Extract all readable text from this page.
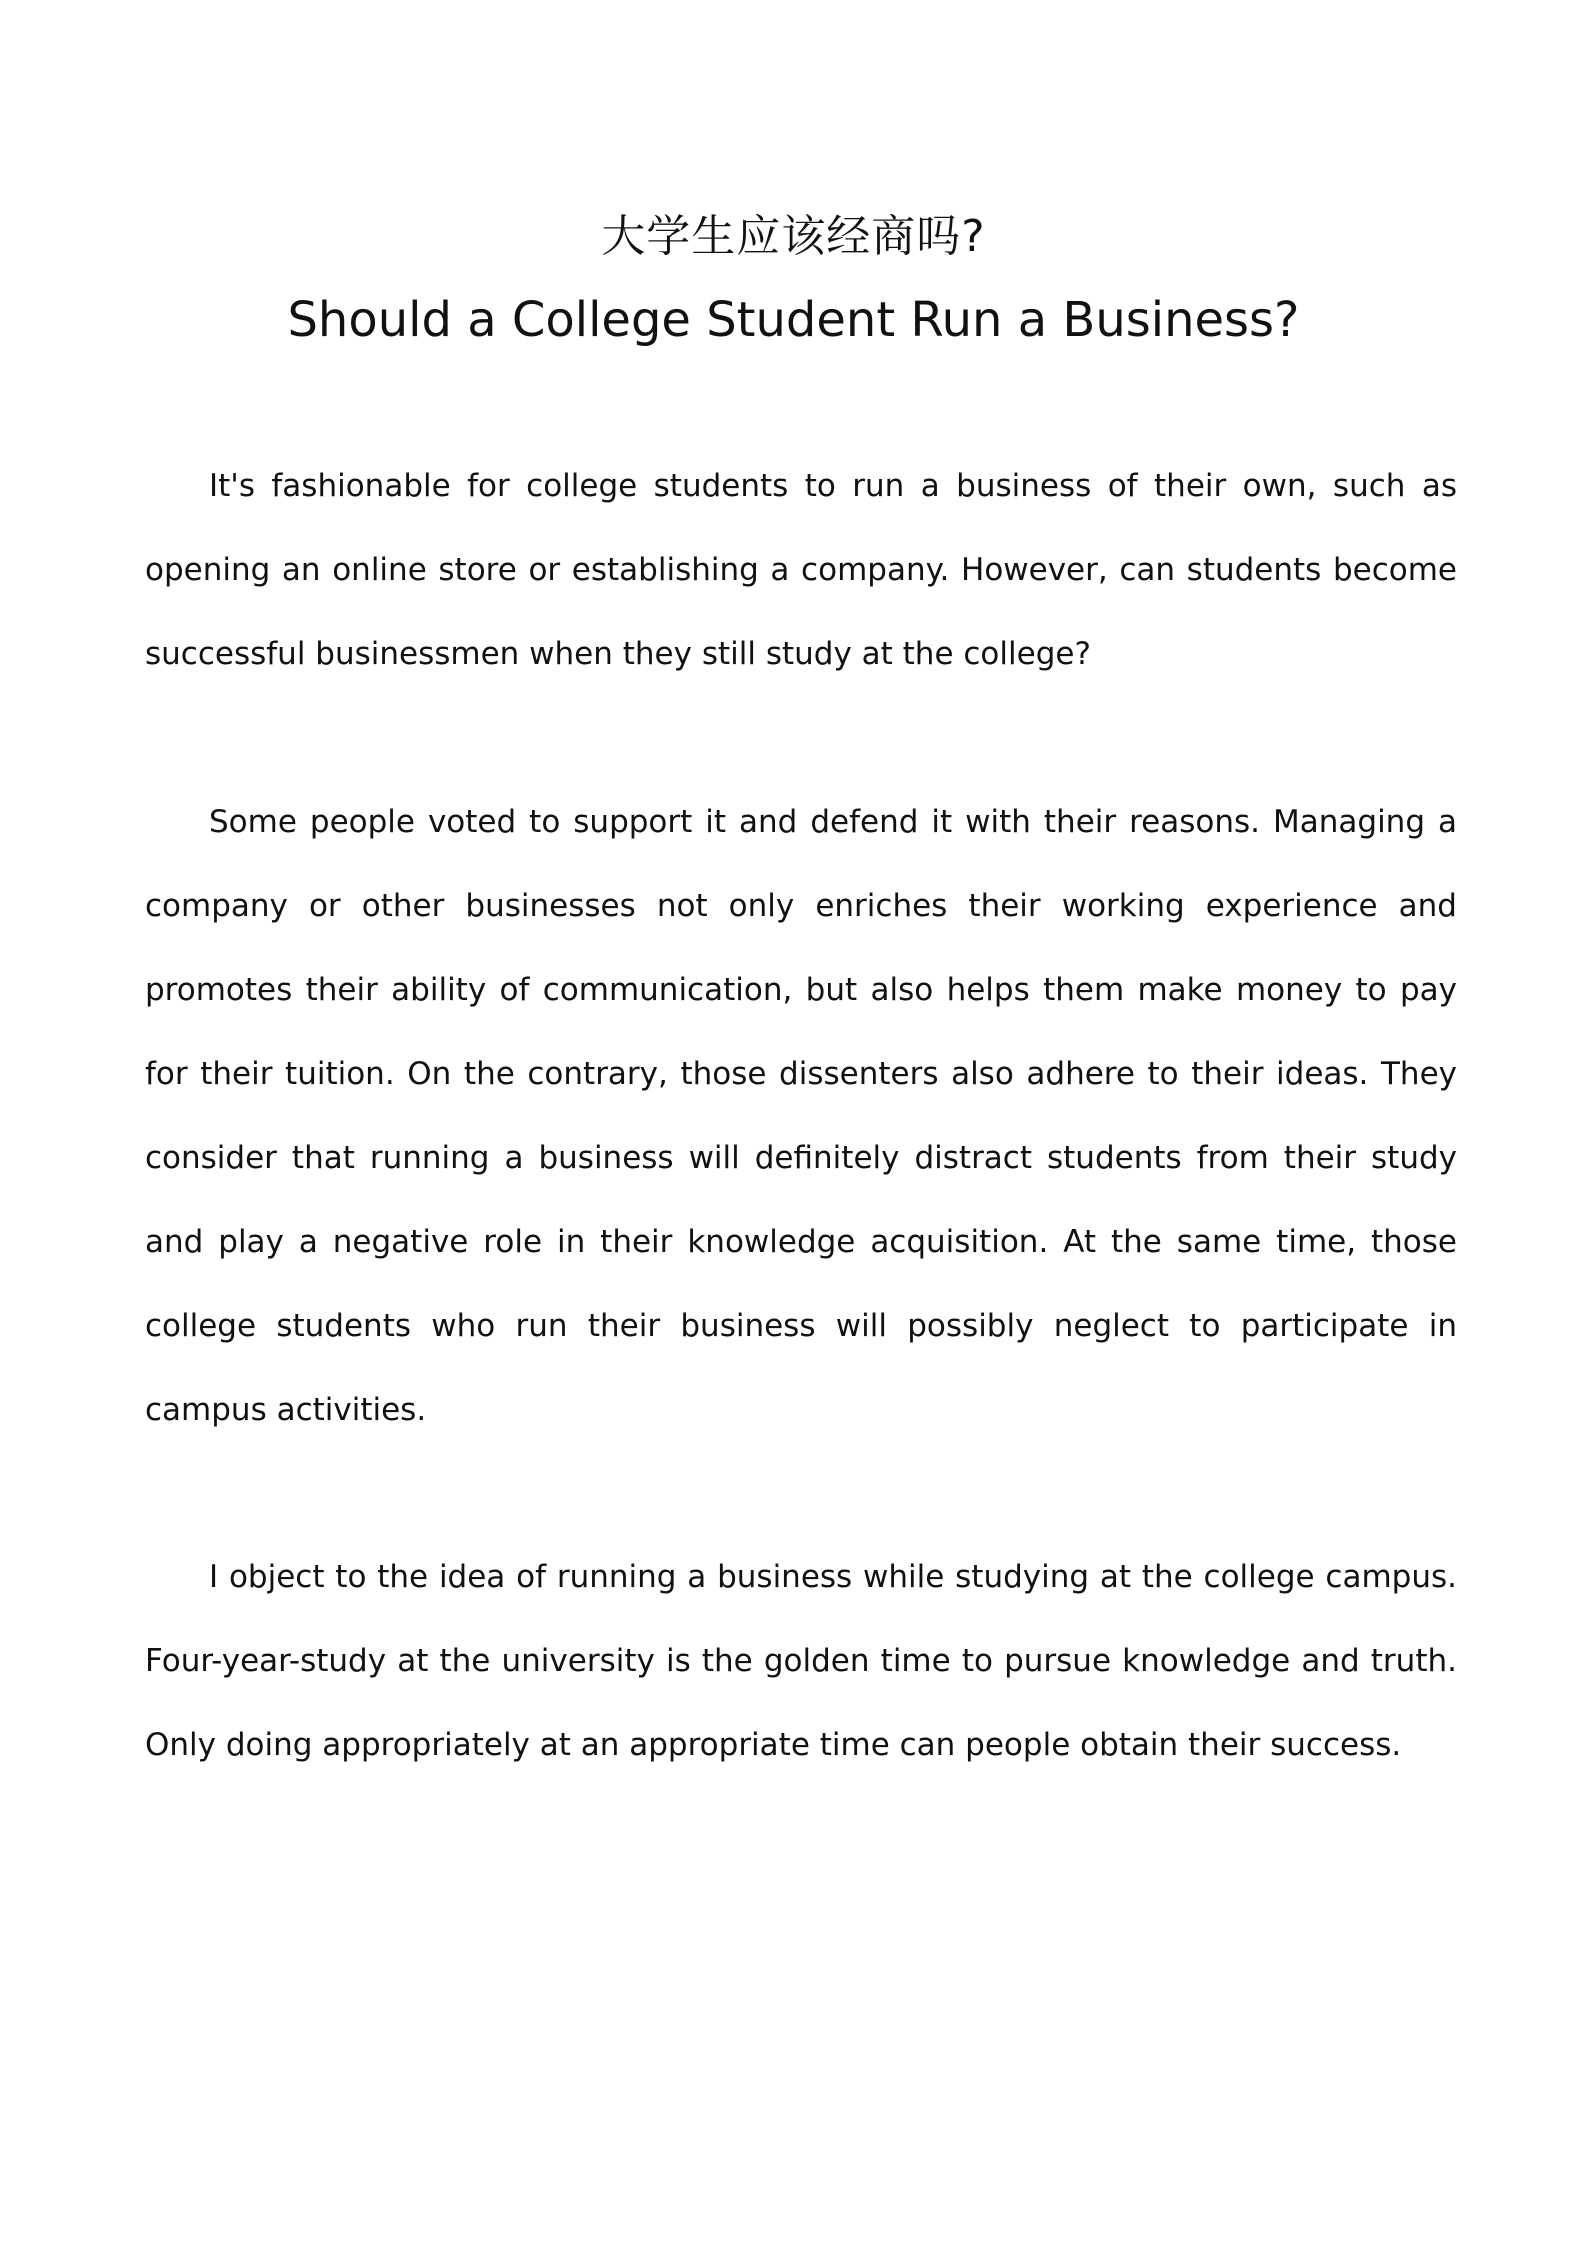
大学生应该经商吗?
Should a College Student Run a Business?

It's fashionable for college students to run a business of their own, such as opening an online store or establishing a company. However, can students become successful businessmen when they still study at the college?

Some people voted to support it and defend it with their reasons. Managing a company or other businesses not only enriches their working experience and promotes their ability of communication, but also helps them make money to pay for their tuition. On the contrary, those dissenters also adhere to their ideas. They consider that running a business will definitely distract students from their study and play a negative role in their knowledge acquisition. At the same time, those college students who run their business will possibly neglect to participate in campus activities.

I object to the idea of running a business while studying at the college campus. Four-year-study at the university is the golden time to pursue knowledge and truth. Only doing appropriately at an appropriate time can people obtain their success.
